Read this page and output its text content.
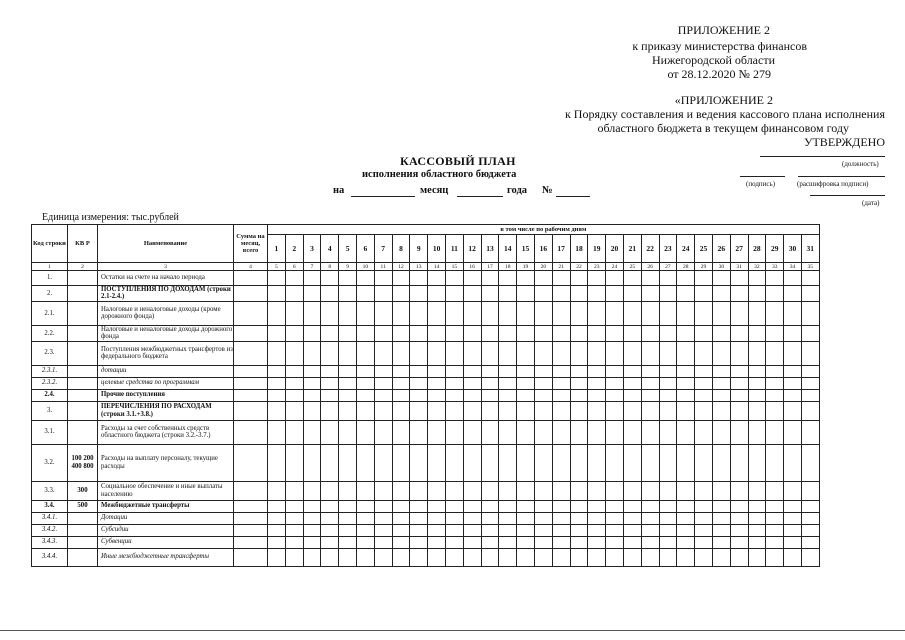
ПРИЛОЖЕНИЕ 2
к приказу министерства финансов
Нижегородской области
от 28.12.2020 № 279
«ПРИЛОЖЕНИЕ 2
к Порядку составления и ведения кассового плана исполнения
областного бюджета в текущем финансовом году
УТВЕРЖДЕНО
(должность)
(подпись)	(расшифровка подписи)
(дата)
КАССОВЫЙ ПЛАН
исполнения областного бюджета
на	месяц	года №
Единица измерения: тыс.рублей
Код строки	КВ Р	Наименование	Сумма на месяц, всего	в том числе по рабочим дням																														
				1	2	3	4	5	6	7	8	9	10	11	12	13	14	15	16	17	18	19	20	21	22	23	24	25	26	27	28	29	30	31
1	2	3	4	5	6	7	8	9	10	11	12	13	14	15	16	17	18	19	20	21	22	23	24	25	26	27	28	29	30	31	32	33	34	35
1.		Остатки на счете на начало периода																																
2.		ПОСТУПЛЕНИЯ ПО ДОХОДАМ (строки 2.1-2.4.)																																
2.1.		Налоговые и неналоговые доходы (кроме дорожного фонда)																																
2.2.		Налоговые и неналоговые доходы дорожного фонда																																
2.3.		Поступления межбюджетных трансфертов из федерального бюджета																																
2.3.1.		дотации																																
2.3.2.		целевые средства по программам																																
2.4.		Прочие поступления																																
3.		ПЕРЕЧИСЛЕНИЯ ПО РАСХОДАМ (строки 3.1.+3.8.)																																
3.1.		Расходы за счет собственных средств областного бюджета (строки 3.2.-3.7.)																																
3.2.	100 200 400 800	Расходы на выплату персоналу, текущие расходы																																
3.3.	300	Социальное обеспечение и иные выплаты населению																																
3.4.	500	Межбюджетные трансферты																																
3.4.1.		Дотации																																
3.4.2.		Субсидии																																
3.4.3.		Субвенции																																
3.4.4.		Иные межбюджетные трансферты																																
